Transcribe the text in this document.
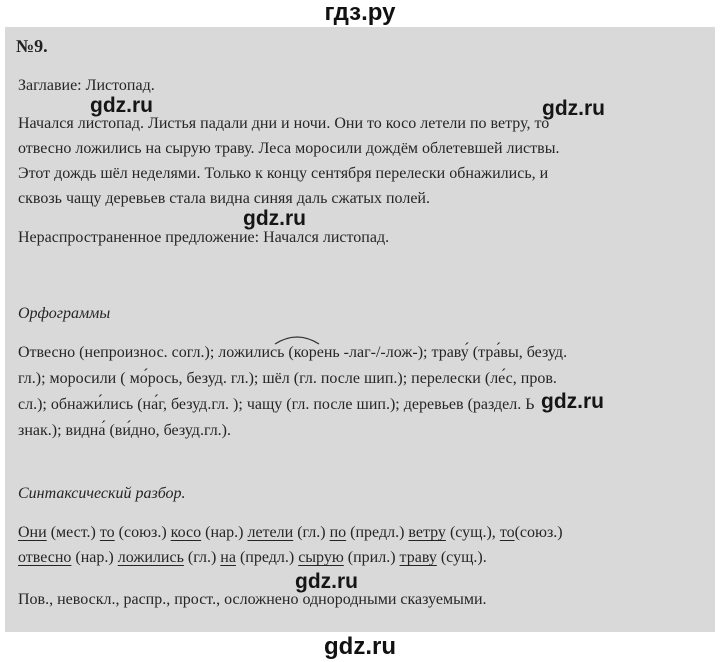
гдз.ру
№9.
Заглавие: Листопад.
Начался листопад. Листья падали дни и ночи. Они то косо летели по ветру, то
отвесно ложились на сырую траву. Леса моросили дождём облетевшей листвы.
Этот дождь шёл неделями. Только к концу сентября перелески обнажились, и
сквозь чащу деревьев стала видна синяя даль сжатых полей.
Нераспространенное предложение: Начался листопад.
Орфограммы
Отвесно (непроизнос. согл.); ложились (корень -лаг-/-лож-); траву́ (тра́вы, безуд.
гл.); моросили ( мо́рось, безуд. гл.); шёл (гл. после шип.); перелески (ле́с, пров.
сл.); обнажи́лись (на́г, безуд.гл. ); чащу (гл. после шип.); деревьев (раздел. Ь
знак.); видна́ (ви́дно, безуд.гл.).
Синтаксический разбор.
Они (мест.) то (союз.) косо (нар.) летели (гл.) по (предл.) ветру (сущ.), то(союз.)
отвесно (нар.) ложились (гл.) на (предл.) сырую (прил.) траву (сущ.).
Пов., невоскл., распр., прост., осложнено однородными сказуемыми.
gdz.ru	gdz.ru
gdz.ru
gdz.ru
gdz.ru
gdz.ru
